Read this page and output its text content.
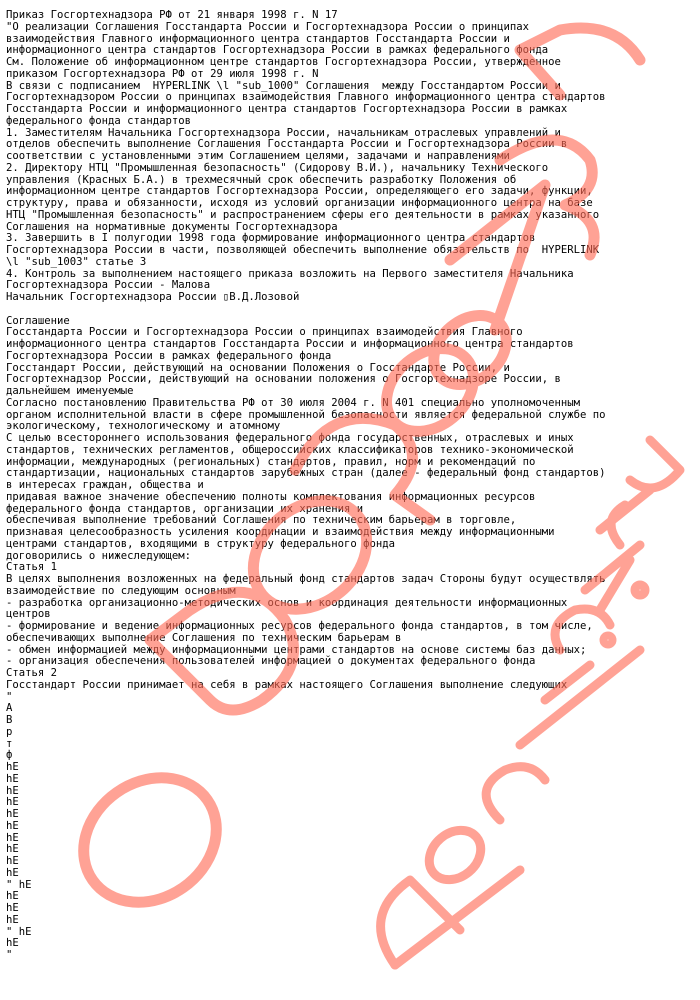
Приказ Госгортехнадзора РФ от 21 января 1998 г. N 17
"О реализации Соглашения Госстандарта России и Госгортехнадзора России о принципах
взаимодействия Главного информационного центра стандартов Госстандарта России и
информационного центра стандартов Госгортехнадзора России в рамках федерального фонда
См. Положение об информационном центре стандартов Госгортехнадзора России, утвержденное
приказом Госгортехнадзора РФ от 29 июля 1998 г. N
В связи с подписанием  HYPERLINK \l "sub_1000" Соглашения  между Госстандартом России и
Госгортехнадзором России о принципах взаимодействия Главного информационного центра стандартов
Госстандарта России и информационного центра стандартов Госгортехнадзора России в рамках
федерального фонда стандартов
1. Заместителям Начальника Госгортехнадзора России, начальникам отраслевых управлений и
отделов обеспечить выполнение Соглашения Госстандарта России и Госгортехнадзора России в
соответствии с установленными этим Соглашением целями, задачами и направлениями
2. Директору НТЦ "Промышленная безопасность" (Сидорову В.И.), начальнику Технического
управления (Красных Б.А.) в трехмесячный срок обеспечить разработку Положения об
информационном центре стандартов Госгортехнадзора России, определяющего его задачи, функции,
структуру, права и обязанности, исходя из условий организации информационного центра на базе
НТЦ "Промышленная безопасность" и распространением сферы его деятельности в рамках указанного
Соглашения на нормативные документы Госгортехнадзора
3. Завершить в I полугодии 1998 года формирование информационного центра стандартов
Госгортехнадзора России в части, позволяющей обеспечить выполнение обязательств по  HYPERLINK
\l "sub_1003" статье 3
4. Контроль за выполнением настоящего приказа возложить на Первого заместителя Начальника
Госгортехнадзора России - Малова
Начальник Госгортехнадзора России ▯В.Д.Лозовой
Соглашение
Госстандарта России и Госгортехнадзора России о принципах взаимодействия Главного
информационного центра стандартов Госстандарта России и информационного центра стандартов
Госгортехнадзора России в рамках федерального фонда
Госстандарт России, действующий на основании Положения о Госстандарте России, и
Госгортехнадзор России, действующий на основании положения о Госгортехнадзоре России, в
дальнейшем именуемые
Согласно постановлению Правительства РФ от 30 июля 2004 г. N 401 специально уполномоченным
органом исполнительной власти в сфере промышленной безопасности является федеральной службе по
экологическому, технологическому и атомному
С целью всестороннего использования федерального фонда государственных, отраслевых и иных
стандартов, технических регламентов, общероссийских классификаторов технико-экономической
информации, международных (региональных) стандартов, правил, норм и рекомендаций по
стандартизации, национальных стандартов зарубежных стран (далее - федеральный фонд стандартов)
в интересах граждан, общества и
придавая важное значение обеспечению полноты комплектования информационных ресурсов
федерального фонда стандартов, организации их хранения и
обеспечивая выполнение требований Соглашения по техническим барьерам в торговле,
признавая целесообразность усиления координации и взаимодействия между информационными
центрами стандартов, входящими в структуру федерального фонда
договорились о нижеследующем:
Статья 1
В целях выполнения возложенных на федеральный фонд стандартов задач Стороны будут осуществлять
взаимодействие по следующим основным
- разработка организационно-методических основ и координация деятельности информационных
центров
- формирование и ведение информационных ресурсов федерального фонда стандартов, в том числе,
обеспечивающих выполнение Соглашения по техническим барьерам в
- обмен информацией между информационными центрами стандартов на основе системы баз данных;
- организация обеспечения пользователей информацией о документах федерального фонда
Статья 2
Госстандарт России принимает на себя в рамках настоящего Соглашения выполнение следующих
"
А
В
р
т
ф
һЕ
һЕ
һЕ
һЕ
һЕ
һЕ
һЕ
һЕ
һЕ
һЕ
" һЕ
һЕ
һЕ
һЕ
" һЕ
һЕ
"
